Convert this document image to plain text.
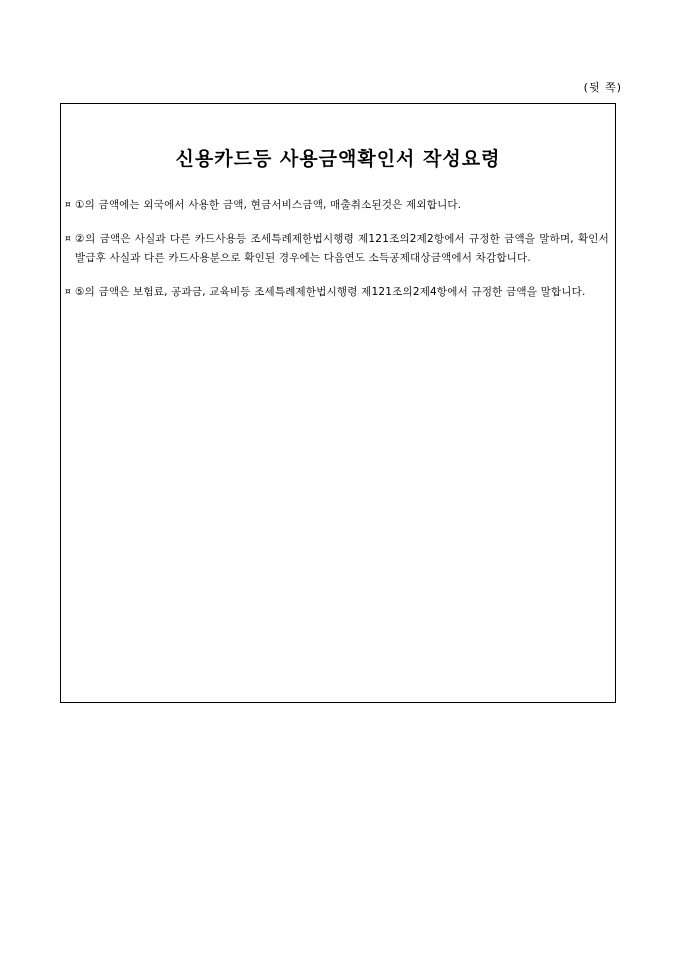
(뒷 쪽)
신용카드등 사용금액확인서 작성요령
¤ ①의 금액에는 외국에서 사용한 금액, 현금서비스금액, 매출취소된것은 제외합니다.
¤ ②의 금액은 사실과 다른 카드사용등 조세특례제한법시행령 제121조의2제2항에서 규정한 금액을 말하며, 확인서 발급후 사실과 다른 카드사용분으로 확인된 경우에는 다음연도 소득공제대상금액에서 차감합니다.
¤ ⑤의 금액은 보험료, 공과금, 교육비등 조세특례제한법시행령 제121조의2제4항에서 규정한 금액을 말합니다.
